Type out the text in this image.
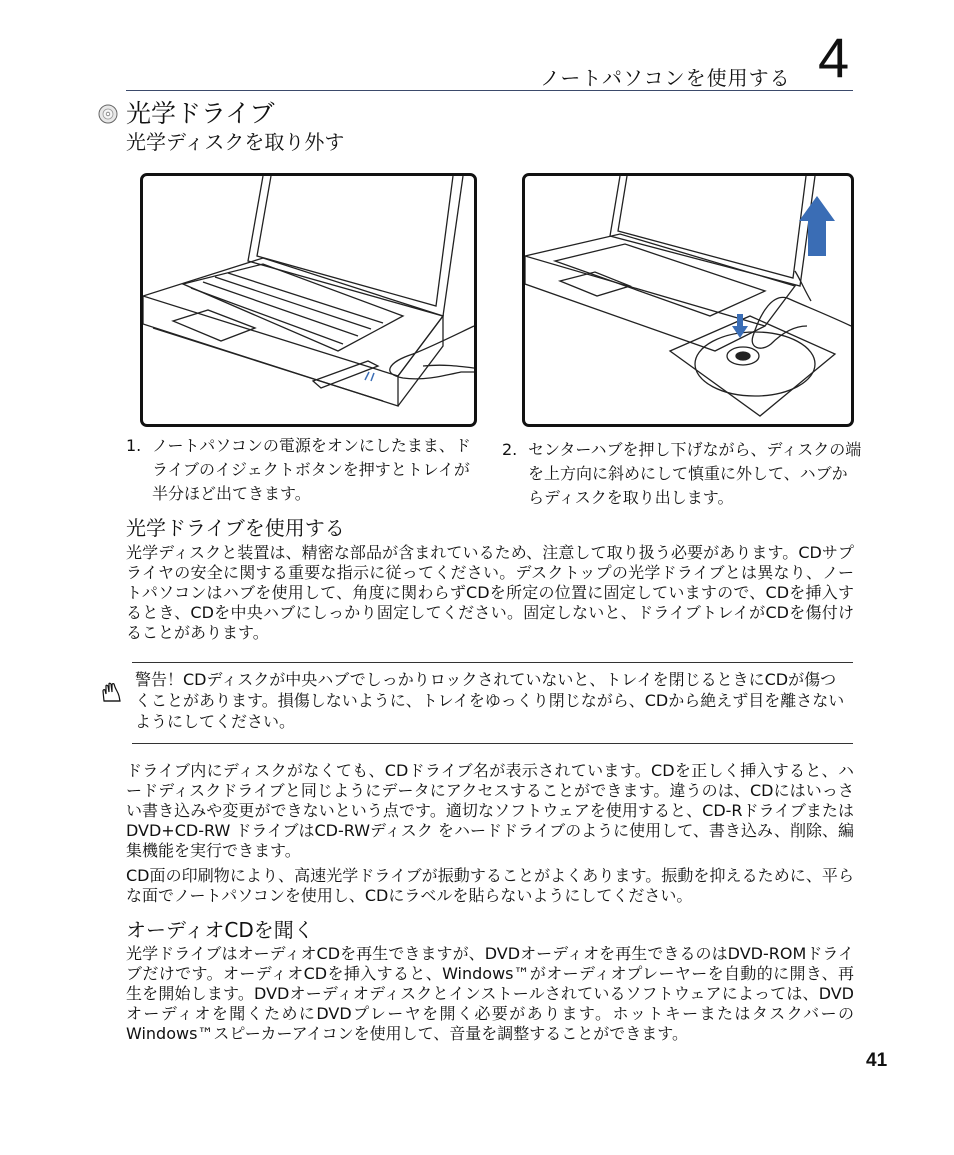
ノートパソコンを使用する 4
光学ドライブ
光学ディスクを取り外す
1. ノートパソコンの電源をオンにしたまま、ドライブのイジェクトボタンを押すとトレイが半分ほど出てきます。
2. センターハブを押し下げながら、ディスクの端を上方向に斜めにして慎重に外して、ハブからディスクを取り出します。
光学ドライブを使用する
光学ディスクと装置は、精密な部品が含まれているため、注意して取り扱う必要があります。CDサプライヤの安全に関する重要な指示に従ってください。デスクトップの光学ドライブとは異なり、ノートパソコンはハブを使用して、角度に関わらずCDを所定の位置に固定していますので、CDを挿入するとき、CDを中央ハブにしっかり固定してください。固定しないと、ドライブトレイがCDを傷付けることがあります。
警告！CDディスクが中央ハブでしっかりロックされていないと、トレイを閉じるときにCDが傷つくことがあります。損傷しないように、トレイをゆっくり閉じながら、CDから絶えず目を離さないようにしてください。
ドライブ内にディスクがなくても、CDドライブ名が表示されています。CDを正しく挿入すると、ハードディスクドライブと同じようにデータにアクセスすることができます。違うのは、CDにはいっさい書き込みや変更ができないという点です。適切なソフトウェアを使用すると、CD-RドライブまたはDVD+CD-RW ドライブはCD-RWディスク をハードドライブのように使用して、書き込み、削除、編集機能を実行できます。
CD面の印刷物により、高速光学ドライブが振動することがよくあります。振動を抑えるために、平らな面でノートパソコンを使用し、CDにラベルを貼らないようにしてください。
オーディオCDを聞く
光学ドライブはオーディオCDを再生できますが、DVDオーディオを再生できるのはDVD-ROMドライブだけです。オーディオCDを挿入すると、Windows™がオーディオプレーヤーを自動的に開き、再生を開始します。DVDオーディオディスクとインストールされているソフトウェアによっては、DVDオーディオを聞くためにDVDプレーヤを開く必要があります。ホットキーまたはタスクバーのWindows™スピーカーアイコンを使用して、音量を調整することができます。
41
